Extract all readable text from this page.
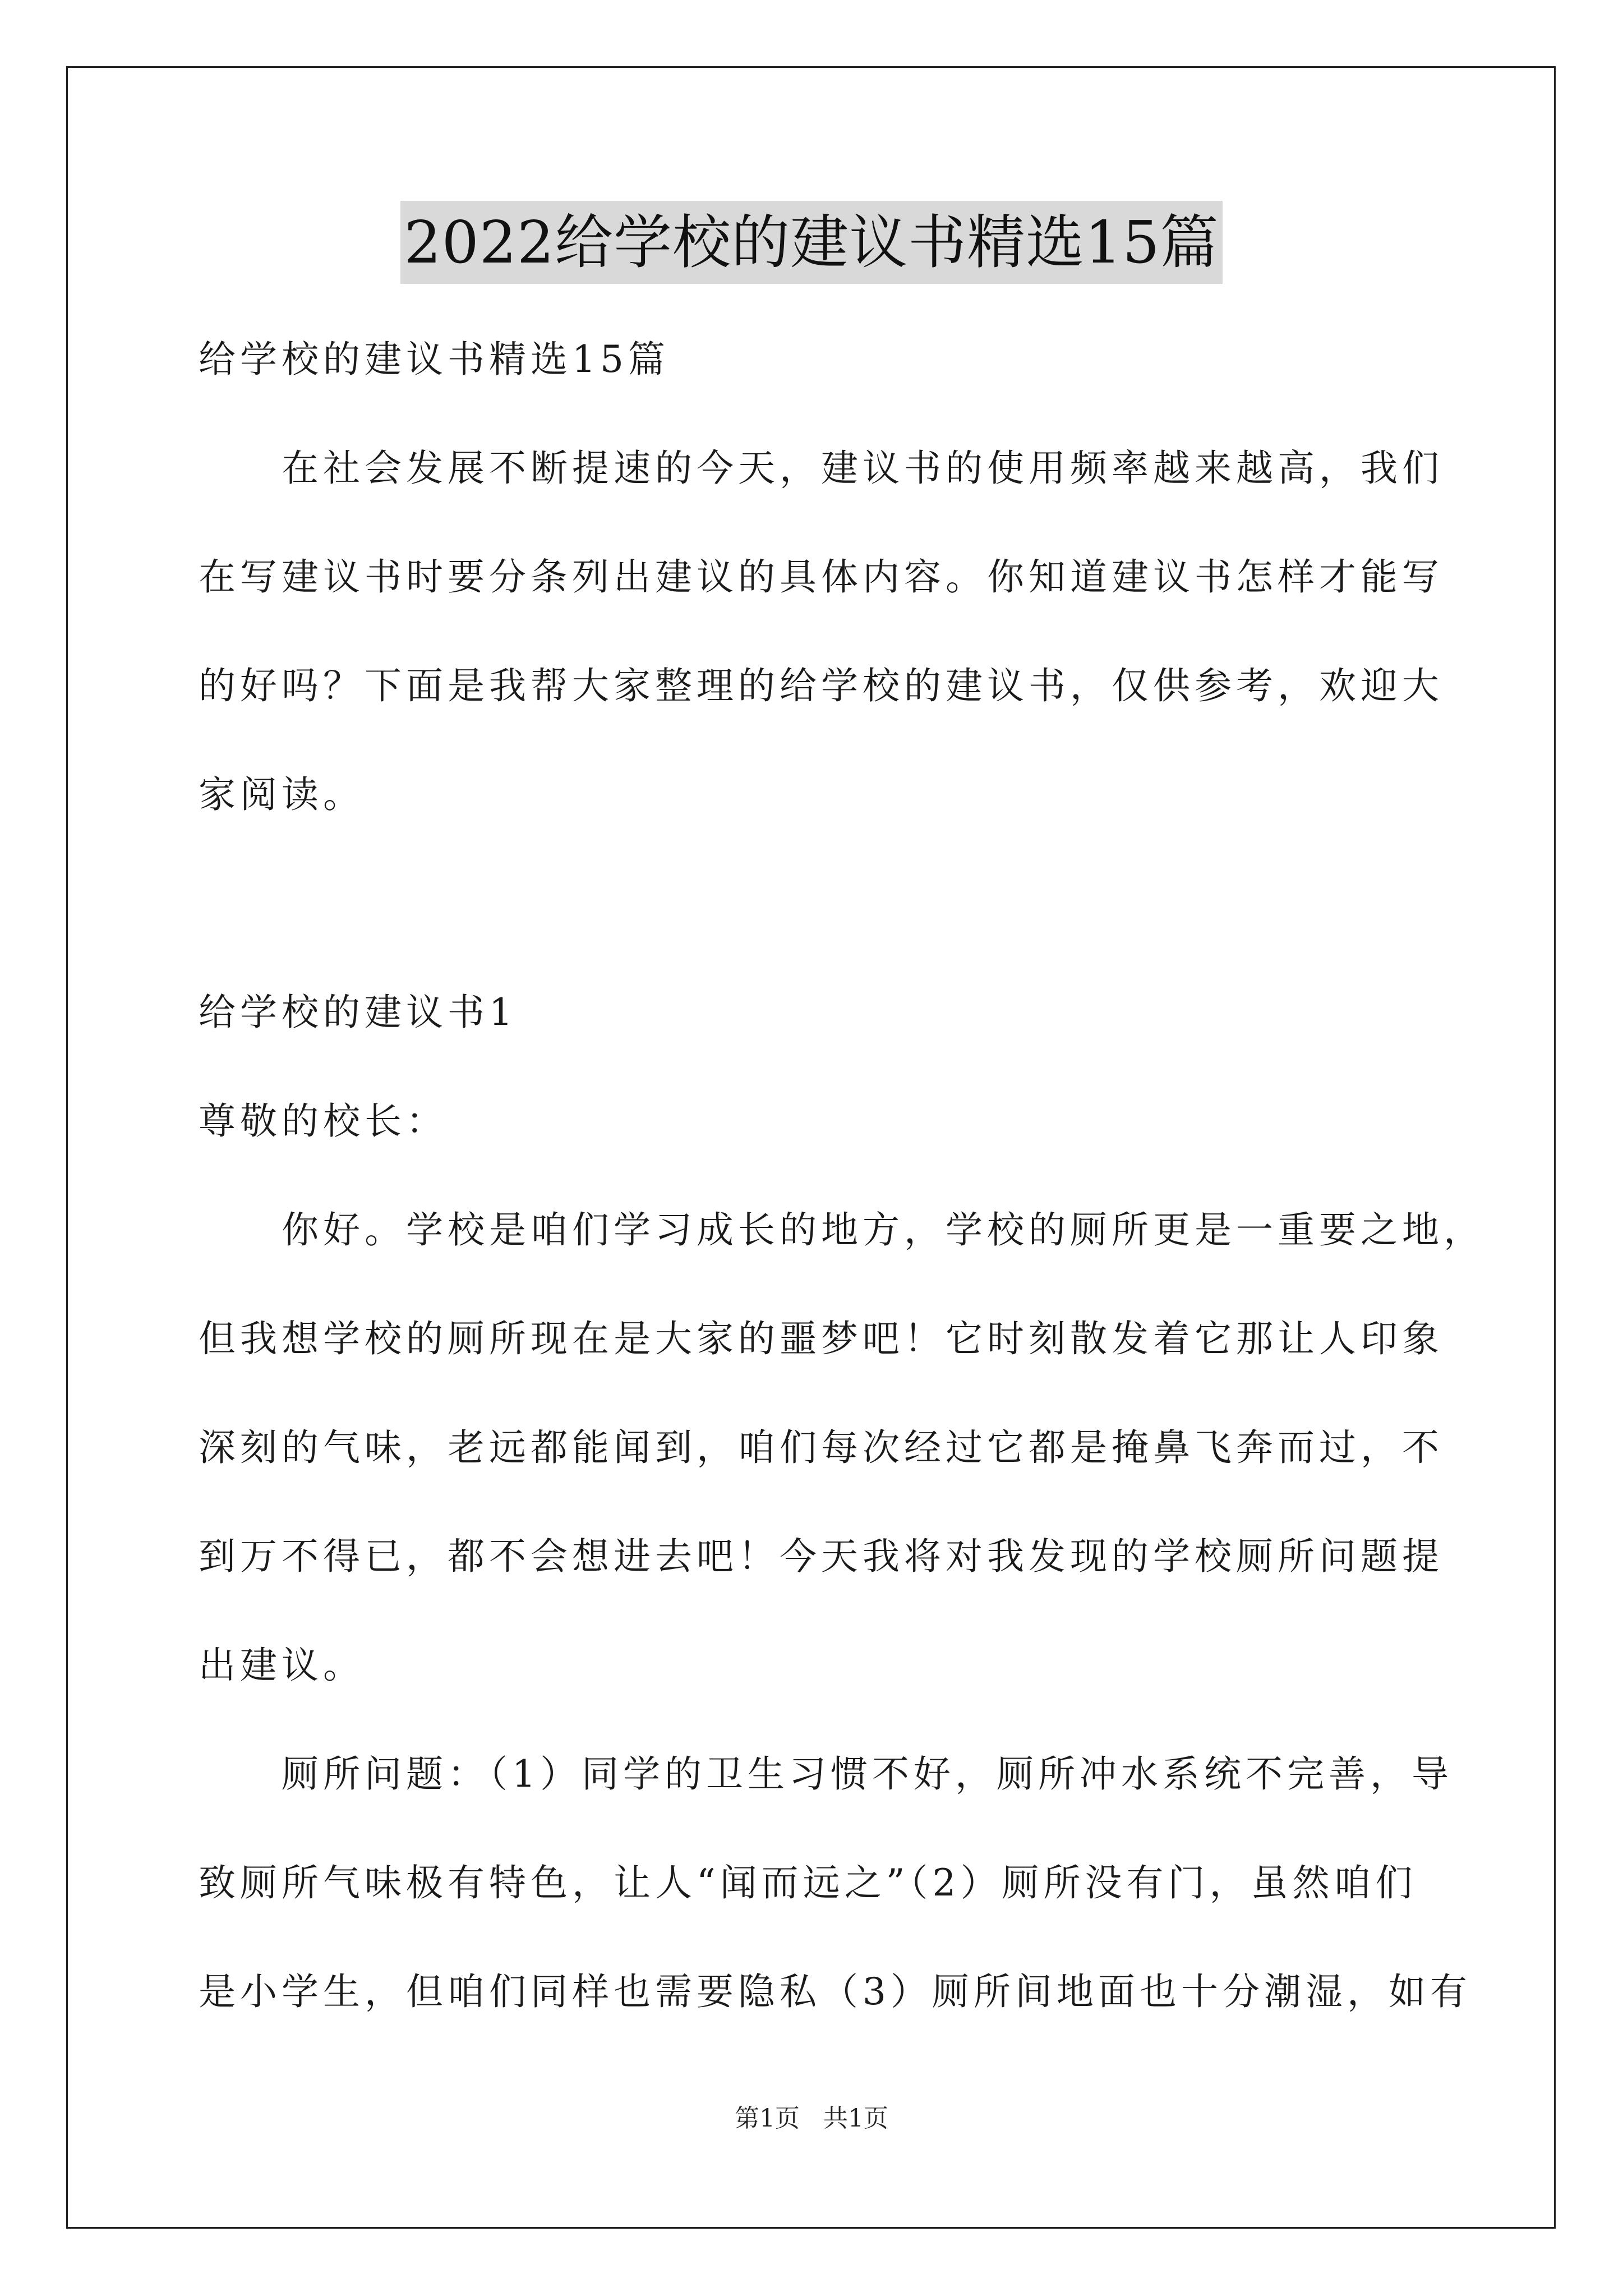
2022给学校的建议书精选15篇
给学校的建议书精选15篇
在社会发展不断提速的今天，建议书的使用频率越来越高，我们
在写建议书时要分条列出建议的具体内容。你知道建议书怎样才能写
的好吗？下面是我帮大家整理的给学校的建议书，仅供参考，欢迎大
家阅读。
给学校的建议书1
尊敬的校长：
你好。学校是咱们学习成长的地方，学校的厕所更是一重要之地，
但我想学校的厕所现在是大家的噩梦吧！它时刻散发着它那让人印象
深刻的气味，老远都能闻到，咱们每次经过它都是掩鼻飞奔而过，不
到万不得已，都不会想进去吧！今天我将对我发现的学校厕所问题提
出建议。
厕所问题：（1）同学的卫生习惯不好，厕所冲水系统不完善，导
致厕所气味极有特色，让人“闻而远之”（2）厕所没有门，虽然咱们
是小学生，但咱们同样也需要隐私（3）厕所间地面也十分潮湿，如有
第1页   共1页
